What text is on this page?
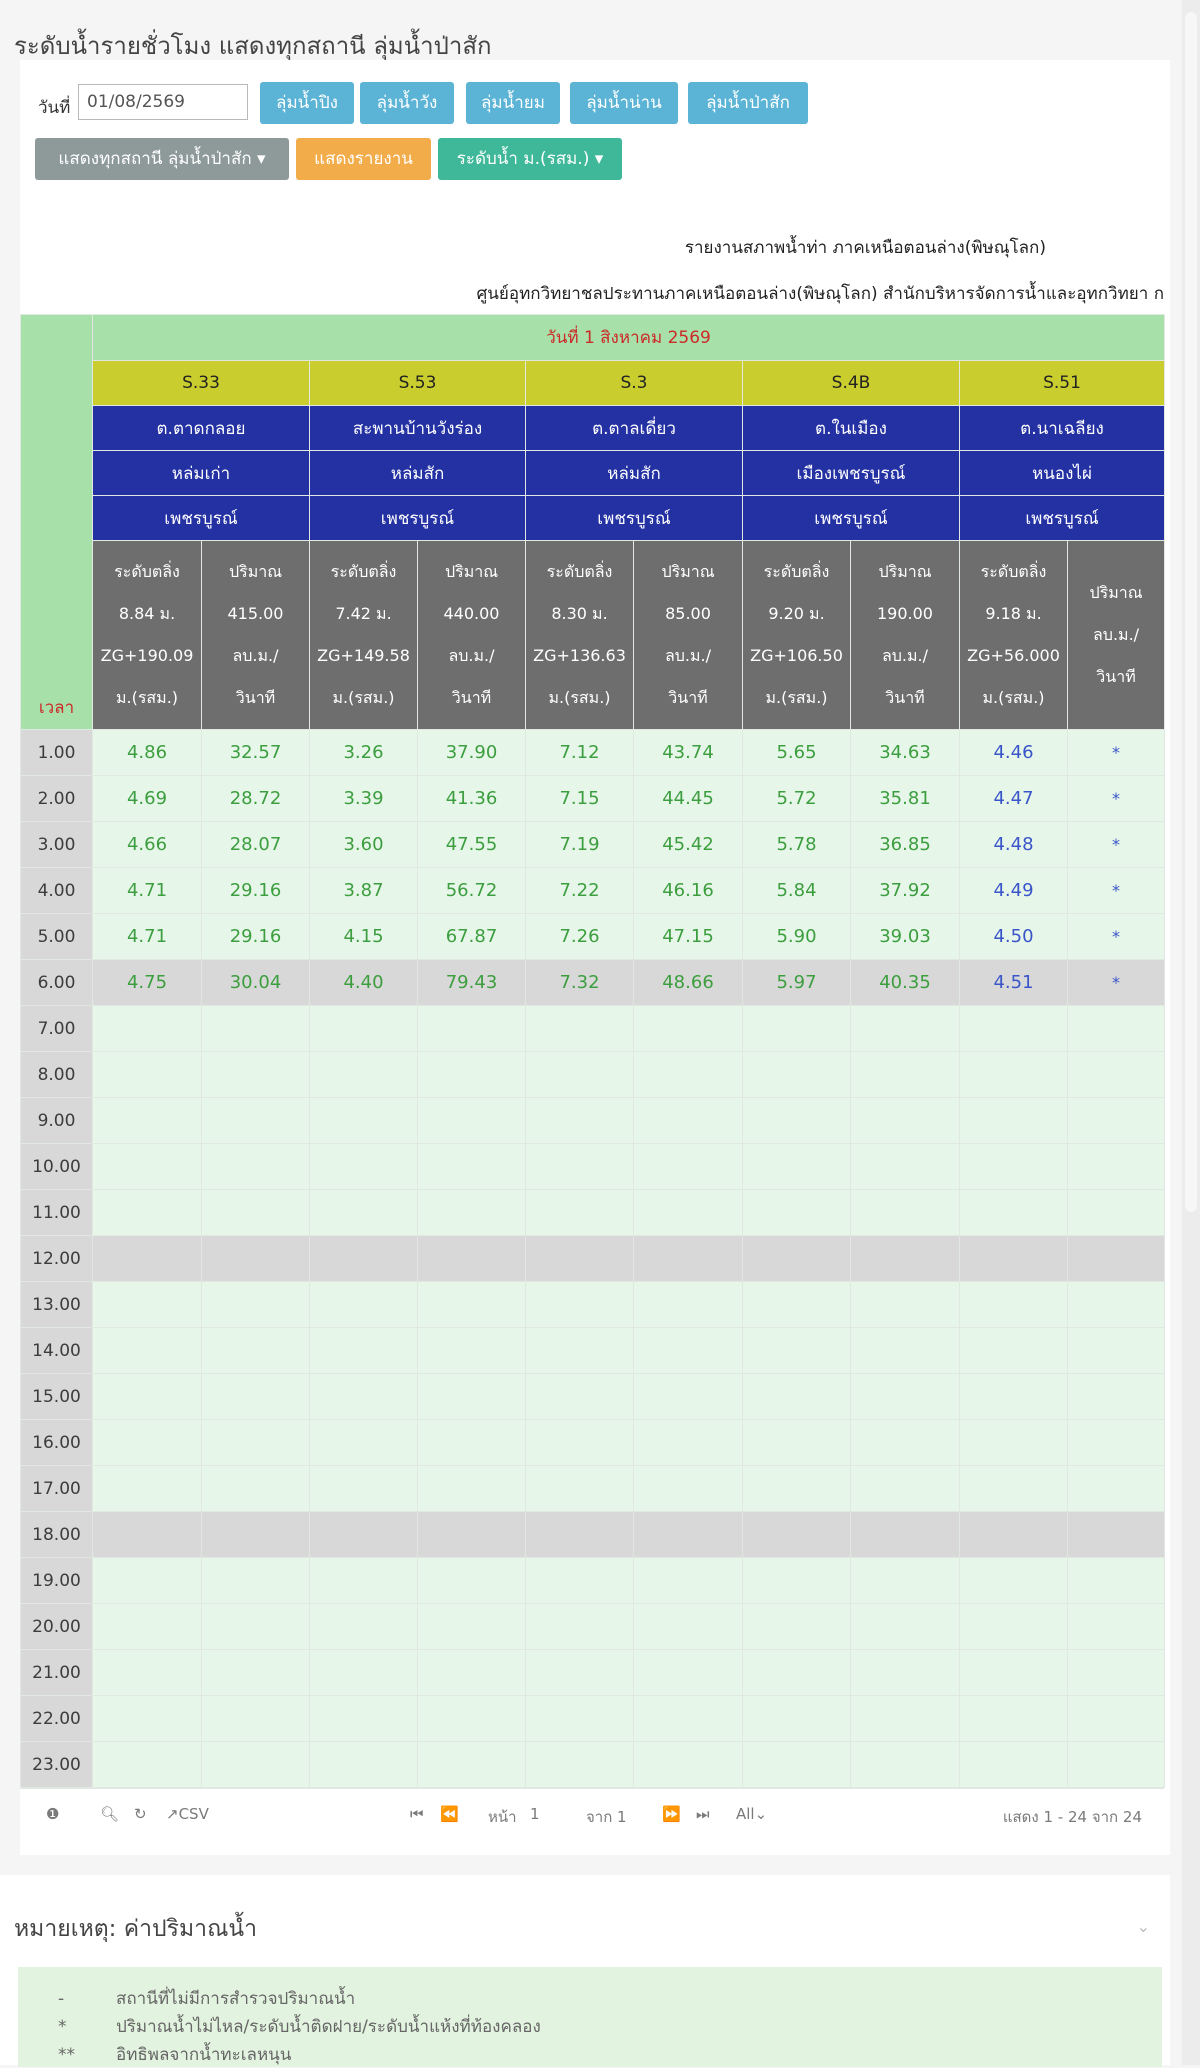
ระดับน้ำรายชั่วโมง แสดงทุกสถานี ลุ่มน้ำป่าสัก
วันที่
01/08/2569	ลุ่มน้ำปิง	ลุ่มน้ำวัง	ลุ่มน้ำยม	ลุ่มน้ำน่าน	ลุ่มน้ำป่าสัก
แสดงทุกสถานี ลุ่มน้ำป่าสัก ▾	แสดงรายงาน	ระดับน้ำ ม.(รสม.) ▾
รายงานสภาพน้ำท่า ภาคเหนือตอนล่าง(พิษณุโลก)
ศูนย์อุทกวิทยาชลประทานภาคเหนือตอนล่าง(พิษณุโลก) สำนักบริหารจัดการน้ำและอุทกวิทยา ก
เวลา	วันที่ 1 สิงหาคม 2569									
	S.33		S.53		S.3		S.4B		S.51	
	ต.ตาดกลอย		สะพานบ้านวังร่อง		ต.ตาลเดี่ยว		ต.ในเมือง		ต.นาเฉลียง	
	หล่มเก่า		หล่มสัก		หล่มสัก		เมืองเพชรบูรณ์		หนองไผ่	
	เพชรบูรณ์		เพชรบูรณ์		เพชรบูรณ์		เพชรบูรณ์		เพชรบูรณ์	

	ระดับตลิ่ง
8.84 ม.
ZG+190.09
ม.(รสม.)	ปริมาณ
415.00
ลบ.ม./
วินาที	ระดับตลิ่ง
7.42 ม.
ZG+149.58
ม.(รสม.)	ปริมาณ
440.00
ลบ.ม./
วินาที	ระดับตลิ่ง
8.30 ม.
ZG+136.63
ม.(รสม.)	ปริมาณ
85.00
ลบ.ม./
วินาที	ระดับตลิ่ง
9.20 ม.
ZG+106.50
ม.(รสม.)	ปริมาณ
190.00
ลบ.ม./
วินาที	ระดับตลิ่ง
9.18 ม.
ZG+56.000
ม.(รสม.)	ปริมาณ
ลบ.ม./
วินาที

1.00	4.86	32.57	3.26	37.90	7.12	43.74	5.65	34.63	4.46	*
2.00	4.69	28.72	3.39	41.36	7.15	44.45	5.72	35.81	4.47	*
3.00	4.66	28.07	3.60	47.55	7.19	45.42	5.78	36.85	4.48	*
4.00	4.71	29.16	3.87	56.72	7.22	46.16	5.84	37.92	4.49	*
5.00	4.71	29.16	4.15	67.87	7.26	47.15	5.90	39.03	4.50	*
6.00	4.75	30.04	4.40	79.43	7.32	48.66	5.97	40.35	4.51	*
7.00										
8.00										
9.00										
10.00										
11.00										
12.00										
13.00										
14.00										
15.00										
16.00										
17.00										
18.00										
19.00										
20.00										
21.00										
22.00										
23.00										
❶	🔍︎ ↻ ↗CSV	⏮ ⏪ หน้า 1	จาก 1 ⏩ ⏭ All⌄	แสดง 1 - 24 จาก 24
หมายเหตุ: ค่าปริมาณน้ำ	⌄
-	สถานีที่ไม่มีการสำรวจปริมาณน้ำ
*	ปริมาณน้ำไม่ไหล/ระดับน้ำติดฝาย/ระดับน้ำแห้งที่ท้องคลอง
** อิทธิพลจากน้ำทะเลหนุน
